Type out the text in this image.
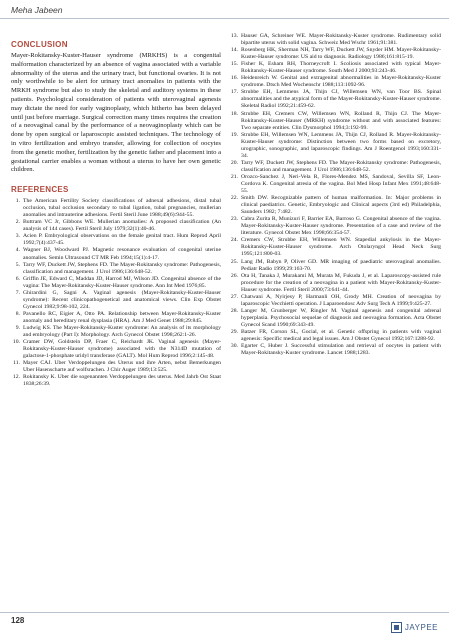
Meha Jabeen
CONCLUSION

Mayer-Rokitansky-Kuster-Hauser syndrome (MRKHS) is a congenital malformation characterized by an absence of vagina associated with a variable abnormality of the uterus and the urinary tract, but functional ovaries. It is not only worthwhile to be alert for urinary tract anomalies in patients with the MRKH syndrome but also to study the skeletal and auditory systems in these patients. Psychological consideration of patients with uterovaginal agenesis may dictate the need for early vaginoplasty, which hitherto has been delayed until just before marriage. Surgical correction many times requires the creation of a neovaginal canal by the performance of a neovaginoplasty which can be done by open surgical or laparoscopic assisted techniques. The technology of in vitro fertilization and embryo transfer, allowing for collection of oocytes from the genetic mother, fertilization by the genetic father and placement into a gestational carrier enables a woman without a uterus to have her own genetic children.

REFERENCES
1. The American Fertility Society classifications of adnexal adhesions, distal tubal occlusion, tubal occlusion secondary to tubal ligation, tubal pregnancies, mullerian anomalies and intrauterine adhesions. Fertil Steril June 1988;49(6):944-55.
2. Buttram VC Jr, Gibbons WE. Mullerian anomalies: A proposed classification (An analysis of 144 cases). Fertil Steril July 1979;32(1):40-46.
3. Acien P. Embryological observations on the female genital tract. Hum Reprod April 1992;7(4):437-45.
4. Wagner BJ, Woodward PJ. Magnetic resonance evaluation of congenital uterine anomalies. Semin Ultrasound CT MR Feb 1994;15(1):4-17.
5. Tarry WF, Duckett JW, Stephens FD. The Mayer-Rokitansky syndrome: Pathogenesis, classification and management. J Urol 1986;136:648-52.
6. Griffin JE, Edward C, Maddan JD, Harrod MJ, Wilson JD. Congenital absence of the vagina: The Mayer-Rokitansky-Kuster-Hauser syndrome. Ann Int Med 1976;85.
7. Ghirardini G, Sagni A. Vaginal agenesis (Mayer-Rokitansky-Kuster-Hauser syndrome): Recent clinicopathogenetical and anatomical views. Clin Exp Obstet Gynecol 1982;9:98-102, 224.
8. Pavanello RC, Eigier A, Otto PA. Relationship between Mayer-Rokitansky-Kuster anomaly and hereditary renal dysplasia (HRA). Am J Med Genet 1988;29:845.
9. Ludwig KS. The Mayer-Rokitansky-Kuster syndrome: An analysis of its morphology and embryology (Part I): Morphology. Arch Gynecol Obstet 1998;262:1-26.
10. Cramer DW, Goldstein DP, Fraer C, Reichardt JK. Vaginal agenesis (Mayer-Rokitansky-Kuster-Hauser syndrome) associated with the N314D mutation of galactose-1-phosphate uridyl transferase (GALT). Mol Hum Reprod 1996;2:145-48.
11. Mayer CAJ. Uber Verdoppelungen des Uterus und ihre Arten, nebst Bemerkungen Uber Hasenscharte auf wolfsrachen. J Chir Auger 1989;13:525.
12. Rokitansky K. Uber die sogenannten Verdoppelungen des uterus. Med Jahrb Ost Staat 1838;26:39.
13. Hauser GA, Schreiner WE. Mayer-Rokitansky-Kuster syndrome. Rudimentary solid bipartite uterus with solid vagina. Schweiz Med Wschr 1961;91:381.
14. Rosenberg HK, Sherman NH, Tarry WF, Duckett JW, Snyder HM. Mayer-Rokitansky-Kuster-Hauser syndrome: US aid to diagnosis. Radiology 1986;161:815-19.
15. Fisher K, Esham RH, Thorneycroft I. Scoliosis associated with typical Mayer-Rokitansky-Kuster-Hauser syndrome. South Med J 2000;93:243-46.
16. Heidenreich W. Genital and extragenital abnormalities in Mayer-Rokitansky-Kuster syndrome. Dtsch Med Wochenschr 1988;113:1092-96.
17. Strubbe EH, Lemmens JA, Thijn CJ, Willemsen WN, van Toor BS. Spinal abnormalities and the atypical form of the Mayer-Rokitansky-Kuster-Hauser syndrome. Skeletal Radiol 1992;21:459-62.
18. Strubbe EH, Cremers CW, Willemsen WN, Rolland R, Thijn CJ. The Mayer-Rokitansky-Kuster-Hauser (MRKH) syndrome without and with associated features: Two separate entities. Clin Dysmorphol 1994;3:192-99.
19. Strubbe EH, Willemsen WN, Lemmens JA, Thijn CJ, Rolland R. Mayer-Rokitansky-Kuster-Hauser syndrome: Distinction between two forms based on excretory, urographic, sonographic, and laparoscopic findings. Am J Roentgenol 1993;160:331-34.
20. Tarry WF, Duckett JW, Stephens FD. The Mayer-Rokitansky syndrome: Pathogenesis, classification and management. J Urol 1986;136:648-52.
21. Orozco-Sanchez J, Neri-Vela R, Flores-Mendez MS, Sandoval, Sevilla SF, Leon-Cordova K. Congenital atresia of the vagina. Bol Med Hosp Infant Mex 1991;48:648-55.
22. Smith DW. Recognizable pattern of human malformation. In: Major problems in clinical paediatrics. Genetic, Embryologic and Clinical aspects (3rd ed) Philadelphia, Saunders 1982; 7:482.
23. Cabra Zurita R, Munizuri F, Barrier EA, Barroso G. Congenital absence of the vagina. Mayer-Rokitansky-Kuster-Hauser syndrome. Presentation of a case and review of the literature. Gynecol Obstet Mex 1998;66:354-57.
24. Cremers CW, Strubbe EH, Willemsen WN. Stapedial ankylosis in the Mayer-Rokitansky-Kuster-Hauser syndrome. Arch Otolaryngol Head Neck Surg 1995;121:800-03.
25. Lang JM, Babyn P, Oliver GD. MR imaging of paediatric uterovaginal anomalies. Pediatr Radio 1999;29:163-70.
26. Ota H, Tanaka J, Murakami M, Murata M, Fukuda J, et al. Laparoscopy-assisted rule procedure for the creation of a neovagina in a patient with Mayer-Rokitansky-Kuster-Hauser syndrome. Fertil Steril 2000;73:641-44.
27. Chatwani A, Nyirjesy P, Harmanli OH, Grody MH. Creation of neovagina by laparoscopic Vecchietti operation. J Laparoendosc Adv Surg Tech A 1999;9:425-27.
28. Langer M, Grunberger W, Ringler M. Vaginal agenesis and congenital adrenal hyperplasia. Psychosocial sequelae of diagnosis and neovagina formation. Acta Obstet Gynecol Scand 1990;69:343-49.
29. Batzer FR, Corson SL, Gocial, et al. Genetic offspring in patients with vaginal agenesis: Specific medical and legal issues. Am J Obstet Gynecol 1992;167:1288-92.
30. Egarter C, Huber J. Successful stimulation and retrieval of oocytes in patient with Mayer-Rokitansky-Kuster syndrome. Lancet 1988;1283.
128
JAYPEE
